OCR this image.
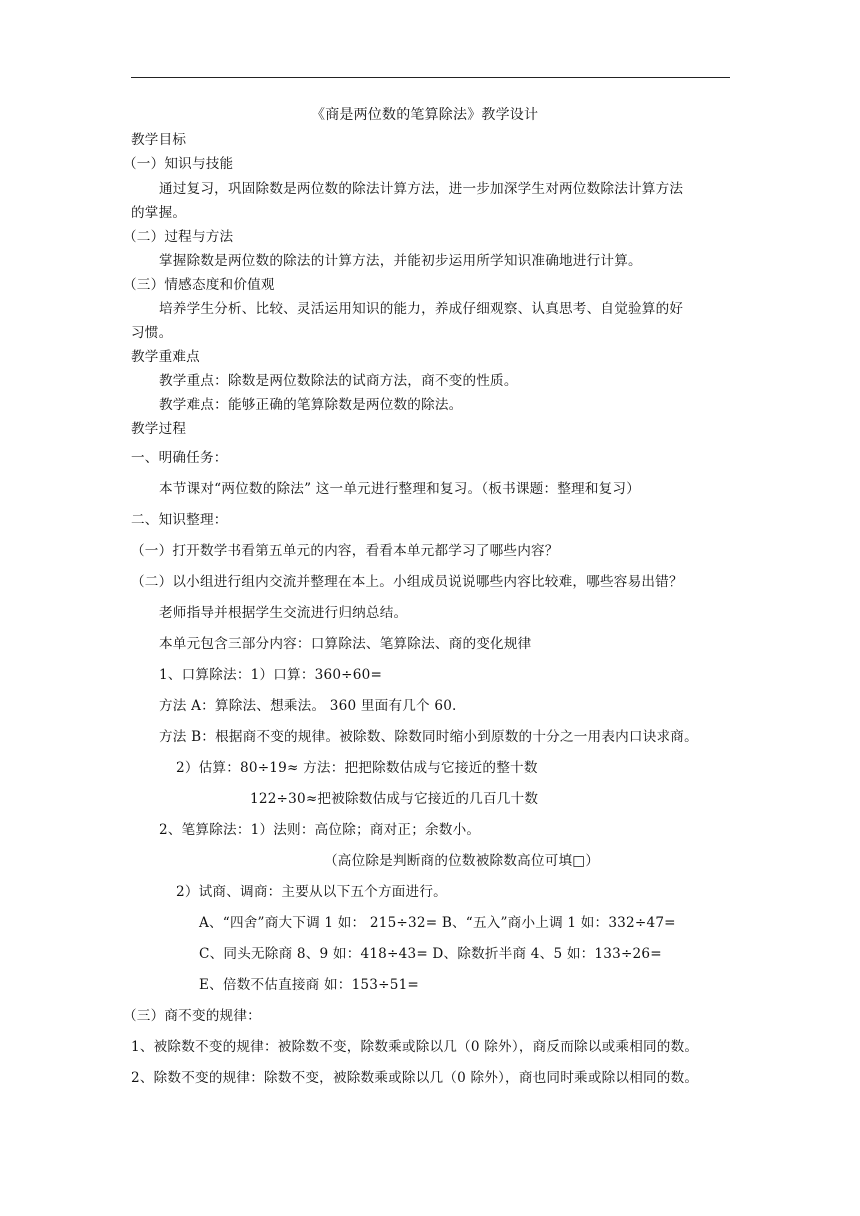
《商是两位数的笔算除法》教学设计
教学目标
（一）知识与技能
通过复习，巩固除数是两位数的除法计算方法，进一步加深学生对两位数除法计算方法
的掌握。
（二）过程与方法
掌握除数是两位数的除法的计算方法，并能初步运用所学知识准确地进行计算。
（三）情感态度和价值观
培养学生分析、比较、灵活运用知识的能力，养成仔细观察、认真思考、自觉验算的好
习惯。
教学重难点
教学重点：除数是两位数除法的试商方法，商不变的性质。
教学难点：能够正确的笔算除数是两位数的除法。
教学过程
一、明确任务：
本节课对“两位数的除法” 这一单元进行整理和复习。（板书课题：整理和复习）
二、知识整理：
（一）打开数学书看第五单元的内容，看看本单元都学习了哪些内容？
（二）以小组进行组内交流并整理在本上。小组成员说说哪些内容比较难，哪些容易出错？
老师指导并根据学生交流进行归纳总结。
本单元包含三部分内容：口算除法、笔算除法、商的变化规律
1、口算除法：1）口算：360÷60=
方法 A：算除法、想乘法。 360 里面有几个 60.
方法 B：根据商不变的规律。被除数、除数同时缩小到原数的十分之一用表内口诀求商。
2）估算：80÷19≈ 方法：把把除数估成与它接近的整十数
122÷30≈把被除数估成与它接近的几百几十数
2、笔算除法：1）法则：高位除；商对正；余数小。
（高位除是判断商的位数被除数高位可填□）
2）试商、调商：主要从以下五个方面进行。
A、“四舍”商大下调 1 如： 215÷32= B、“五入”商小上调 1 如：332÷47=
C、同头无除商 8、9 如：418÷43= D、除数折半商 4、5 如：133÷26=
E、倍数不估直接商 如：153÷51=
（三）商不变的规律：
1、被除数不变的规律：被除数不变，除数乘或除以几（0 除外），商反而除以或乘相同的数。
2、除数不变的规律：除数不变，被除数乘或除以几（0 除外），商也同时乘或除以相同的数。
